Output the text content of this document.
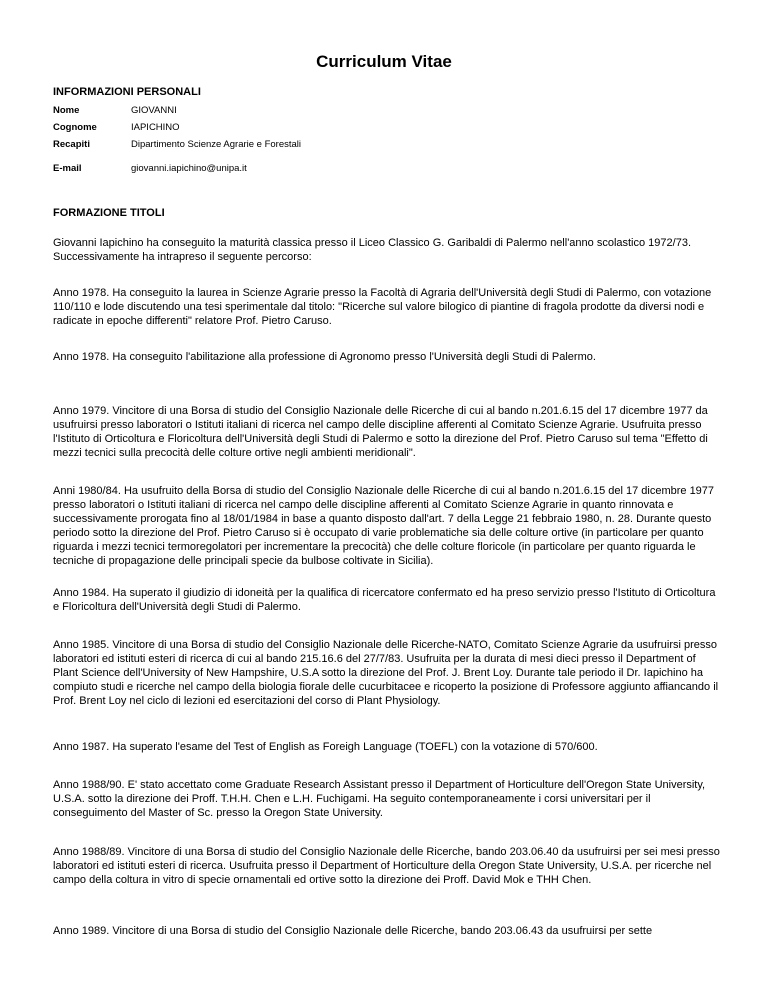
Curriculum Vitae
INFORMAZIONI PERSONALI
Nome	GIOVANNI
Cognome	IAPICHINO
Recapiti	Dipartimento Scienze Agrarie e Forestali
E-mail	giovanni.iapichino@unipa.it
FORMAZIONE TITOLI

Giovanni Iapichino ha conseguito la maturità classica presso il Liceo Classico G. Garibaldi di Palermo nell'anno scolastico 1972/73. Successivamente ha intrapreso il seguente percorso:

Anno 1978. Ha conseguito la laurea in Scienze Agrarie presso la Facoltà di Agraria dell'Università degli Studi di Palermo, con votazione 110/110 e lode discutendo una tesi sperimentale dal titolo: "Ricerche sul valore bilogico di piantine di fragola prodotte da diversi nodi e radicate in epoche differenti" relatore Prof. Pietro Caruso.

Anno 1978. Ha conseguito l'abilitazione alla professione di Agronomo presso l'Università degli Studi di Palermo.

Anno 1979. Vincitore di una Borsa di studio del Consiglio Nazionale delle Ricerche di cui al bando n.201.6.15 del 17 dicembre 1977 da usufruirsi presso laboratori o Istituti italiani di ricerca nel campo delle discipline afferenti al Comitato Scienze Agrarie. Usufruita presso l'Istituto di Orticoltura e Floricoltura dell'Università degli Studi di Palermo e sotto la direzione del Prof. Pietro Caruso sul tema "Effetto di mezzi tecnici sulla precocità delle colture ortive negli ambienti meridionali".

Anni 1980/84. Ha usufruito della Borsa di studio del Consiglio Nazionale delle Ricerche di cui al bando n.201.6.15 del 17 dicembre 1977 presso laboratori o Istituti italiani di ricerca nel campo delle discipline afferenti al Comitato Scienze Agrarie in quanto rinnovata e successivamente prorogata fino al 18/01/1984 in base a quanto disposto dall'art. 7 della Legge 21 febbraio 1980, n. 28. Durante questo periodo sotto la direzione del Prof. Pietro Caruso si è occupato di varie problematiche sia delle colture ortive (in particolare per quanto riguarda i mezzi tecnici termoregolatori per incrementare la precocità) che delle colture floricole (in particolare per quanto riguarda le tecniche di propagazione delle principali specie da bulbose coltivate in Sicilia).

Anno 1984. Ha superato il giudizio di idoneità per la qualifica di ricercatore confermato ed ha preso servizio presso l'Istituto di Orticoltura e Floricoltura dell'Università degli Studi di Palermo.

Anno 1985. Vincitore di una Borsa di studio del Consiglio Nazionale delle Ricerche-NATO, Comitato Scienze Agrarie da usufruirsi presso laboratori ed istituti esteri di ricerca di cui al bando 215.16.6 del 27/7/83. Usufruita per la durata di mesi dieci presso il Department of Plant Science dell'University of New Hampshire, U.S.A sotto la direzione del Prof. J. Brent Loy. Durante tale periodo il Dr. Iapichino ha compiuto studi e ricerche nel campo della biologia fiorale delle cucurbitacee e ricoperto la posizione di Professore aggiunto affiancando il Prof. Brent Loy nel ciclo di lezioni ed esercitazioni del corso di Plant Physiology.

Anno 1987. Ha superato l'esame del Test of English as Foreigh Language (TOEFL) con la votazione di 570/600.

Anno 1988/90. E' stato accettato come Graduate Research Assistant presso il Department of Horticulture dell'Oregon State University, U.S.A. sotto la direzione dei Proff. T.H.H. Chen e L.H. Fuchigami. Ha seguito contemporaneamente i corsi universitari per il conseguimento del Master of Sc. presso la Oregon State University.

Anno 1988/89. Vincitore di una Borsa di studio del Consiglio Nazionale delle Ricerche, bando 203.06.40 da usufruirsi per sei mesi presso laboratori ed istituti esteri di ricerca. Usufruita presso il Department of Horticulture della Oregon State University, U.S.A. per ricerche nel campo della coltura in vitro di specie ornamentali ed ortive sotto la direzione dei Proff. David Mok e THH Chen.

Anno 1989. Vincitore di una Borsa di studio del Consiglio Nazionale delle Ricerche, bando 203.06.43 da usufruirsi per sette
